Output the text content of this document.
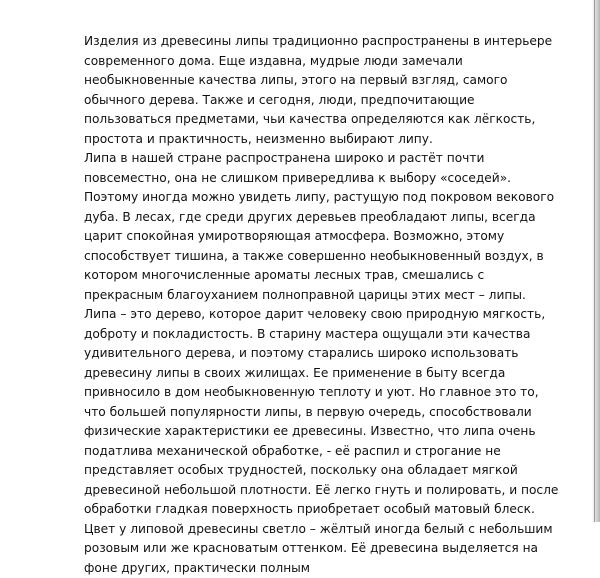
Изделия из древесины липы традиционно распространены в интерьере современного дома. Еще издавна, мудрые люди замечали необыкновенные качества липы, этого на первый взгляд, самого обычного дерева. Также и сегодня, люди, предпочитающие пользоваться предметами, чьи качества определяются как лёгкость, простота и практичность, неизменно выбирают липу.

Липа в нашей стране распространена широко и растёт почти повсеместно, она не слишком привередлива к выбору «соседей». Поэтому иногда можно увидеть липу, растущую под покровом векового дуба. В лесах, где среди других деревьев преобладают липы, всегда царит спокойная умиротворяющая атмосфера. Возможно, этому способствует тишина, а также совершенно необыкновенный воздух, в котором многочисленные ароматы лесных трав, смешались с прекрасным благоуханием полноправной царицы этих мест – липы.

Липа – это дерево, которое дарит человеку свою природную мягкость, доброту и покладистость. В старину мастера ощущали эти качества удивительного дерева, и поэтому старались широко использовать древесину липы в своих жилищах. Ее применение в быту всегда привносило в дом необыкновенную теплоту и уют. Но главное это то, что большей популярности липы, в первую очередь, способствовали физические характеристики ее древесины. Известно, что липа очень податлива механической обработке, - её распил и строгание не представляет особых трудностей, поскольку она обладает мягкой древесиной небольшой плотности. Её легко гнуть и полировать, и после обработки гладкая поверхность приобретает особый матовый блеск. Цвет у липовой древесины светло – жёлтый иногда белый с небольшим розовым или же красноватым оттенком. Её древесина выделяется на фоне других, практически полным
